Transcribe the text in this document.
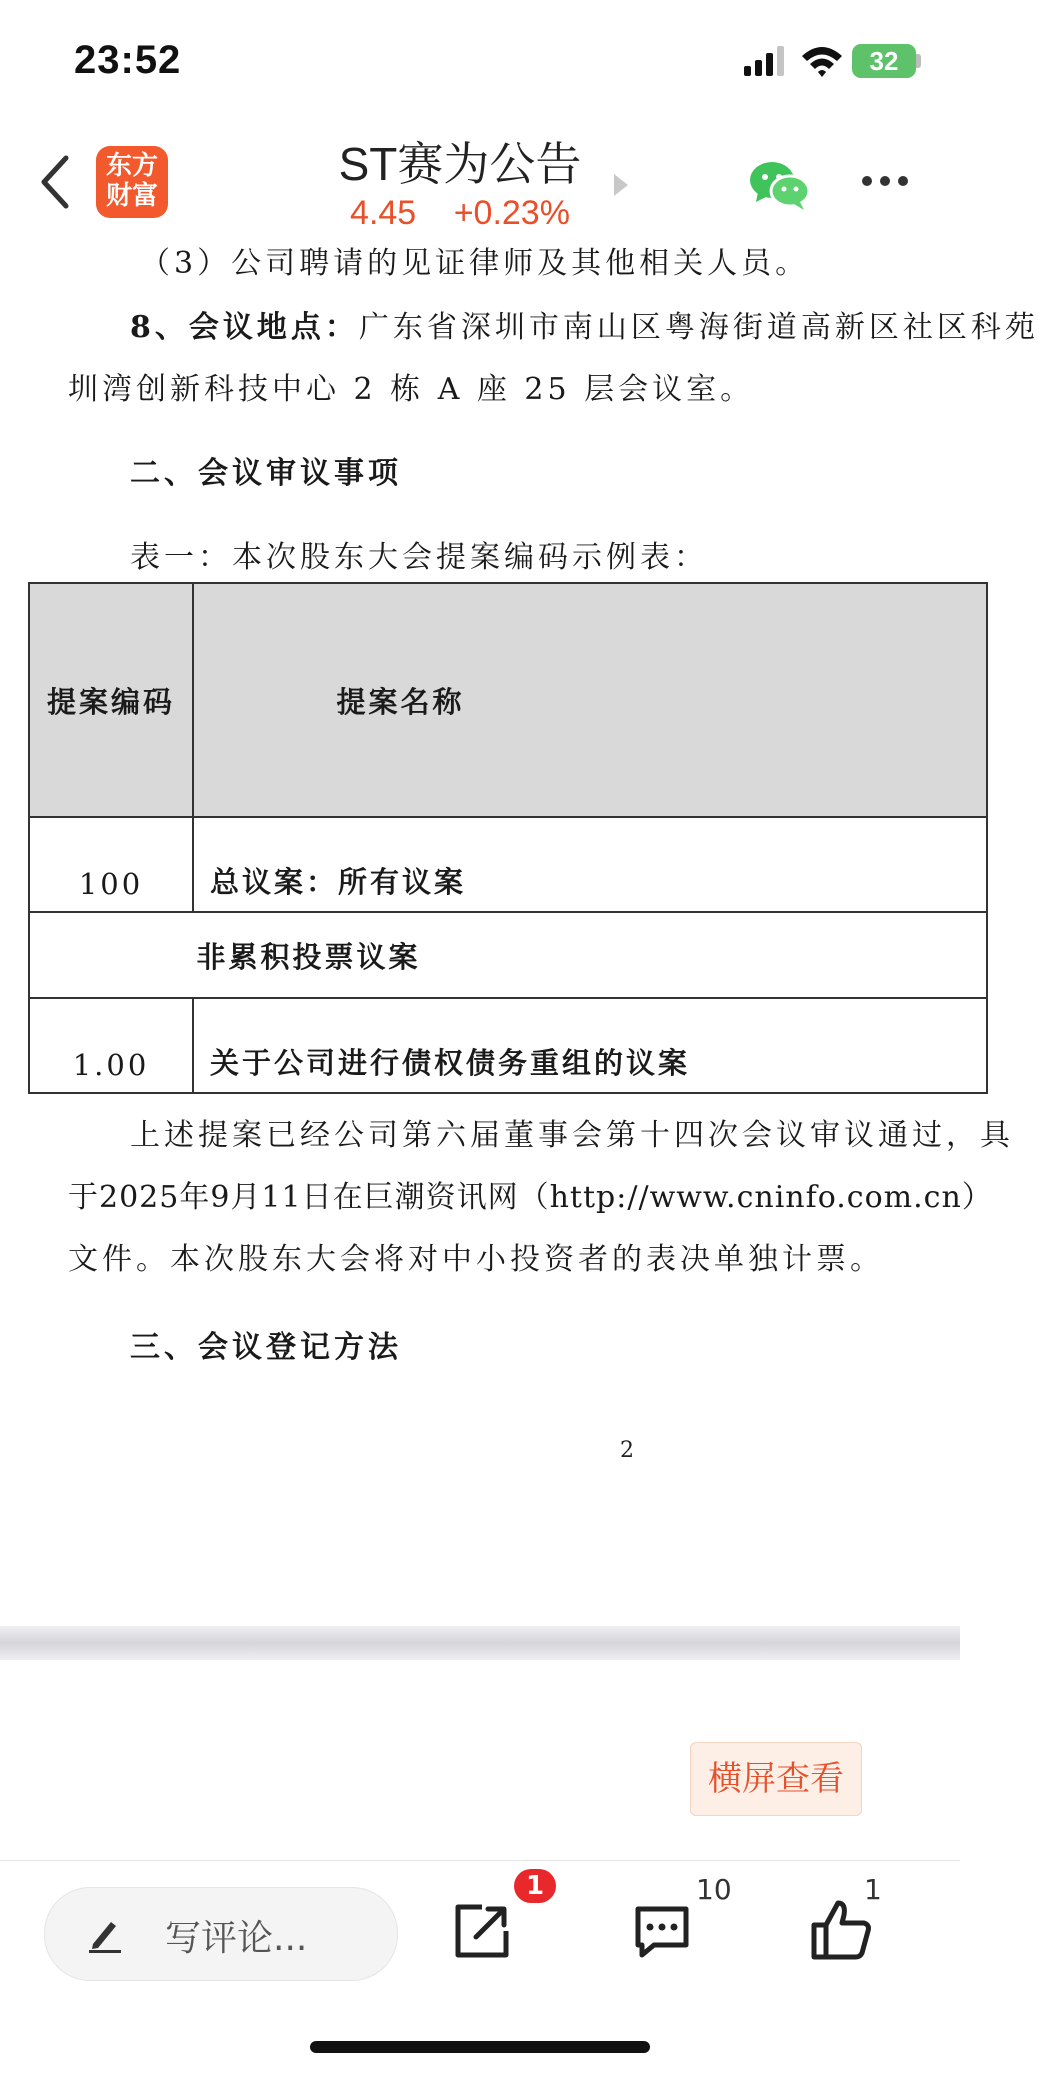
23:52	32
东方
财富
ST赛为公告
4.45 +0.23%
（3）公司聘请的见证律师及其他相关人员。
8、会议地点：广东省深圳市南山区粤海街道高新区社区科苑
圳湾创新科技中心 2 栋 A 座 25 层会议室。
二、会议审议事项
表一：本次股东大会提案编码示例表：
提案编码	提案名称
100	总议案：所有议案
非累积投票议案	
1.00	关于公司进行债权债务重组的议案
上述提案已经公司第六届董事会第十四次会议审议通过，具
于2025年9月11日在巨潮资讯网（http://www.cninfo.com.cn）
文件。本次股东大会将对中小投资者的表决单独计票。
三、会议登记方法
2
横屏查看
写评论...
1	10	1
